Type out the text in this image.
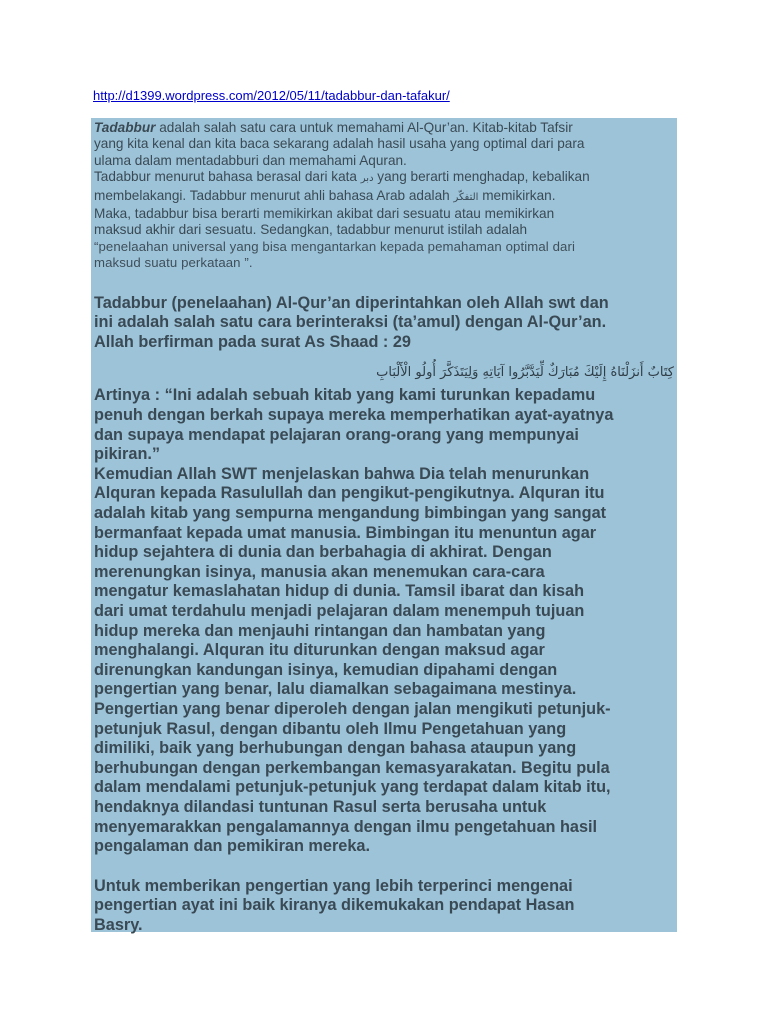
http://d1399.wordpress.com/2012/05/11/tadabbur-dan-tafakur/

Tadabbur adalah salah satu cara untuk memahami Al-Qur’an. Kitab-kitab Tafsir
yang kita kenal dan kita baca sekarang adalah hasil usaha yang optimal dari para
ulama dalam mentadabburi dan memahami Aquran.
Tadabbur menurut bahasa berasal dari kata دبر yang berarti menghadap, kebalikan
membelakangi. Tadabbur menurut ahli bahasa Arab adalah التفكّر memikirkan.
Maka, tadabbur bisa berarti memikirkan akibat dari sesuatu atau memikirkan
maksud akhir dari sesuatu. Sedangkan, tadabbur menurut istilah adalah
“penelaahan universal yang bisa mengantarkan kepada pemahaman optimal dari
maksud suatu perkataan ”.

Tadabbur (penelaahan) Al-Qur’an diperintahkan oleh Allah swt dan
ini adalah salah satu cara berinteraksi (ta’amul) dengan Al-Qur’an.
Allah berfirman pada surat As Shaad : 29
كِتَابٌ أَنزَلْنَاهُ إِلَيْكَ مُبَارَكٌ لِّيَدَّبَّرُوا آيَاتِهِ وَلِيَتَذَكَّرَ أُولُو الْأَلْبَابِ
Artinya : “Ini adalah sebuah kitab yang kami turunkan kepadamu
penuh dengan berkah supaya mereka memperhatikan ayat-ayatnya
dan supaya mendapat pelajaran orang-orang yang mempunyai
pikiran.”
Kemudian Allah SWT menjelaskan bahwa Dia telah menurunkan
Alquran kepada Rasulullah dan pengikut-pengikutnya. Alquran itu
adalah kitab yang sempurna mengandung bimbingan yang sangat
bermanfaat kepada umat manusia. Bimbingan itu menuntun agar
hidup sejahtera di dunia dan berbahagia di akhirat. Dengan
merenungkan isinya, manusia akan menemukan cara-cara
mengatur kemaslahatan hidup di dunia. Tamsil ibarat dan kisah
dari umat terdahulu menjadi pelajaran dalam menempuh tujuan
hidup mereka dan menjauhi rintangan dan hambatan yang
menghalangi. Alquran itu diturunkan dengan maksud agar
direnungkan kandungan isinya, kemudian dipahami dengan
pengertian yang benar, lalu diamalkan sebagaimana mestinya.
Pengertian yang benar diperoleh dengan jalan mengikuti petunjuk-
petunjuk Rasul, dengan dibantu oleh Ilmu Pengetahuan yang
dimiliki, baik yang berhubungan dengan bahasa ataupun yang
berhubungan dengan perkembangan kemasyarakatan. Begitu pula
dalam mendalami petunjuk-petunjuk yang terdapat dalam kitab itu,
hendaknya dilandasi tuntunan Rasul serta berusaha untuk
menyemarakkan pengalamannya dengan ilmu pengetahuan hasil
pengalaman dan pemikiran mereka.
Untuk memberikan pengertian yang lebih terperinci mengenai
pengertian ayat ini baik kiranya dikemukakan pendapat Hasan
Basry.
